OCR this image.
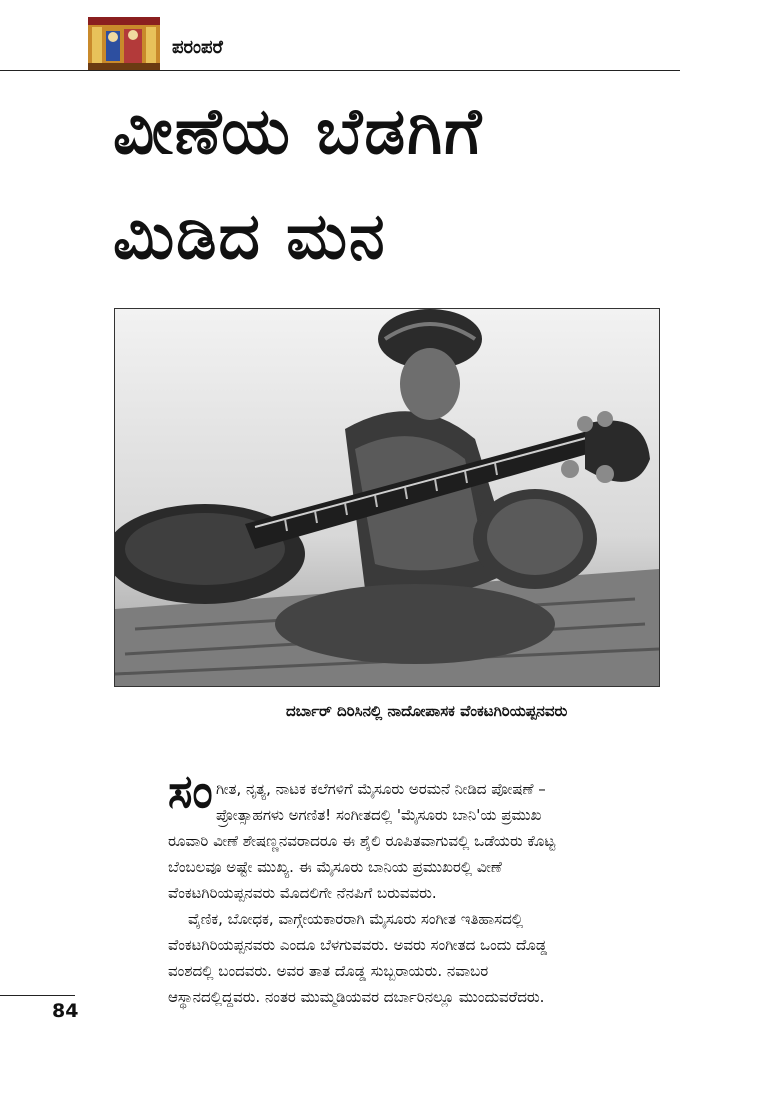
ಪರಂಪರೆ
ವೀಣೆಯ ಬೆಡಗಿಗೆ
ಮಿಡಿದ ಮನ
ದರ್ಬಾರ್ ದಿರಿಸಿನಲ್ಲಿ ನಾದೋಪಾಸಕ ವೆಂಕಟಗಿರಿಯಪ್ಪನವರು
ಸಂ ಗೀತ, ನೃತ್ಯ, ನಾಟಕ ಕಲೆಗಳಿಗೆ ಮೈಸೂರು ಅರಮನೆ ನೀಡಿದ ಪೋಷಣೆ –
ಪ್ರೋತ್ಸಾಹಗಳು ಅಗಣಿತ! ಸಂಗೀತದಲ್ಲಿ 'ಮೈಸೂರು ಬಾನಿ'ಯ ಪ್ರಮುಖ
ರೂವಾರಿ ವೀಣೆ ಶೇಷಣ್ಣನವರಾದರೂ ಈ ಶೈಲಿ ರೂಪಿತವಾಗುವಲ್ಲಿ ಒಡೆಯರು ಕೊಟ್ಟ
ಬೆಂಬಲವೂ ಅಷ್ಟೇ ಮುಖ್ಯ. ಈ ಮೈಸೂರು ಬಾನಿಯ ಪ್ರಮುಖರಲ್ಲಿ ವೀಣೆ
ವೆಂಕಟಗಿರಿಯಪ್ಪನವರು ಮೊದಲಿಗೇ ನೆನಪಿಗೆ ಬರುವವರು.
ವೈಣಿಕ, ಬೋಧಕ, ವಾಗ್ಗೇಯಕಾರರಾಗಿ ಮೈಸೂರು ಸಂಗೀತ ಇತಿಹಾಸದಲ್ಲಿ
ವೆಂಕಟಗಿರಿಯಪ್ಪನವರು ಎಂದೂ ಬೆಳಗುವವರು. ಅವರು ಸಂಗೀತದ ಒಂದು ದೊಡ್ಡ
ವಂಶದಲ್ಲಿ ಬಂದವರು. ಅವರ ತಾತ ದೊಡ್ಡ ಸುಬ್ಬರಾಯರು. ನವಾಬರ
ಆಸ್ಥಾನದಲ್ಲಿದ್ದವರು. ನಂತರ ಮುಮ್ಮಡಿಯವರ ದರ್ಬಾರಿನಲ್ಲೂ ಮುಂದುವರೆದರು.
84
